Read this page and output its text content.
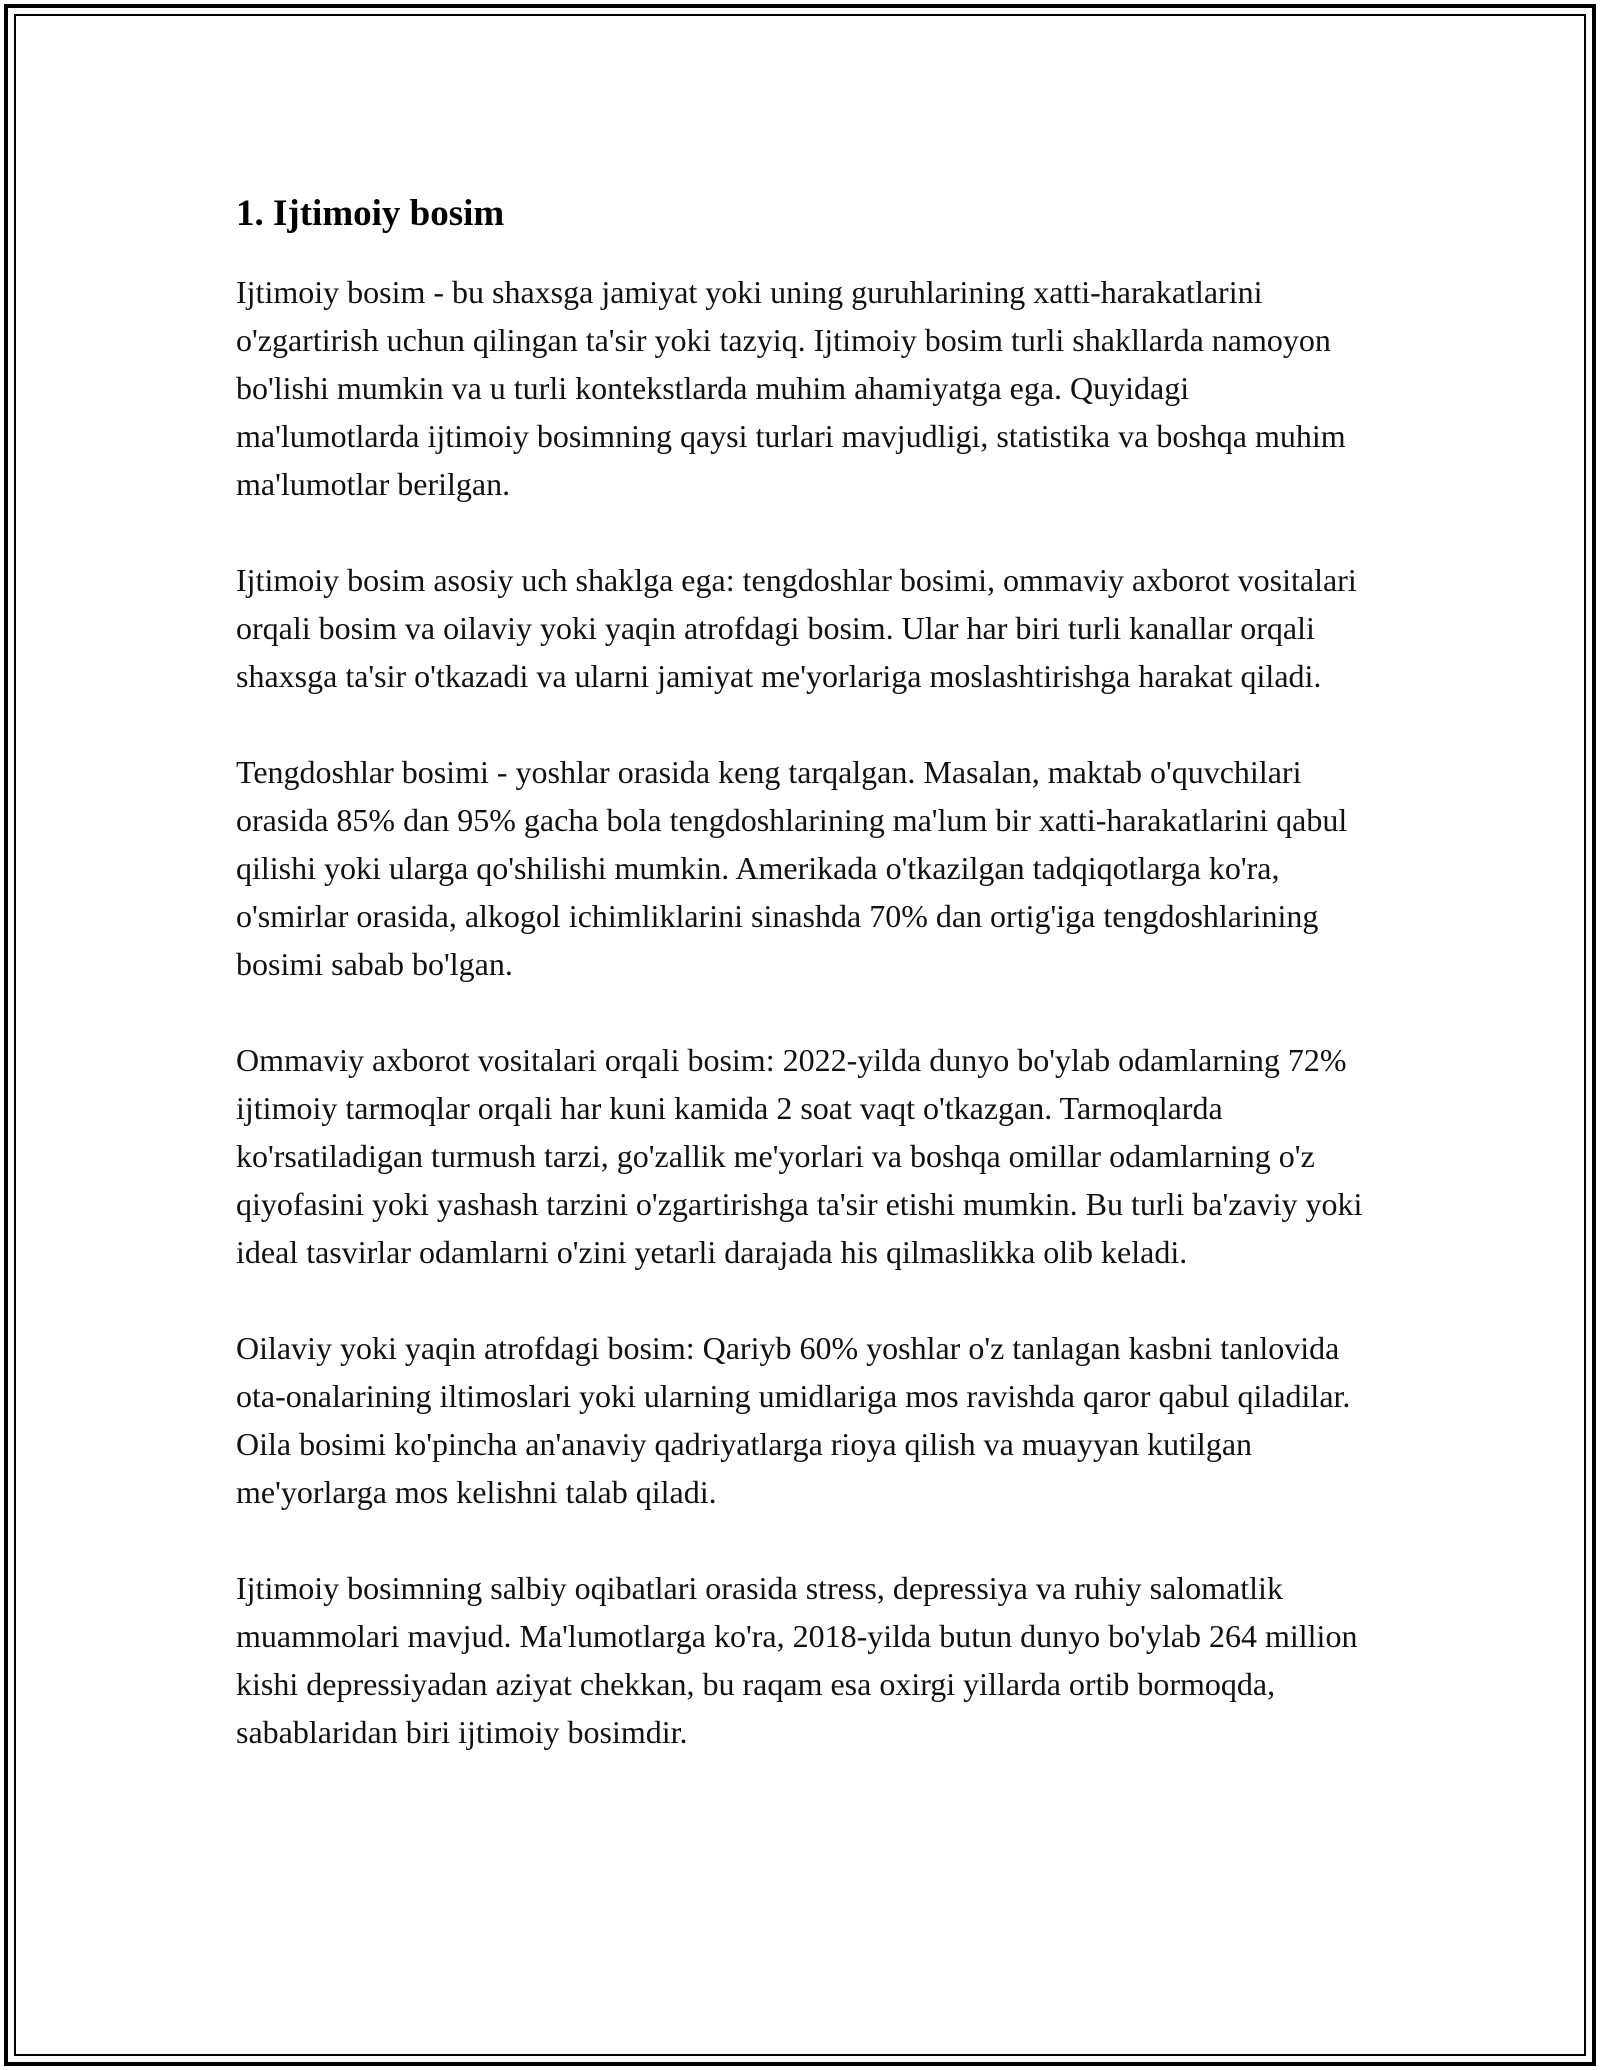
1. Ijtimoiy bosim

Ijtimoiy bosim - bu shaxsga jamiyat yoki uning guruhlarining xatti-harakatlarini o'zgartirish uchun qilingan ta'sir yoki tazyiq. Ijtimoiy bosim turli shakllarda namoyon bo'lishi mumkin va u turli kontekstlarda muhim ahamiyatga ega. Quyidagi ma'lumotlarda ijtimoiy bosimning qaysi turlari mavjudligi, statistika va boshqa muhim ma'lumotlar berilgan.

Ijtimoiy bosim asosiy uch shaklga ega: tengdoshlar bosimi, ommaviy axborot vositalari orqali bosim va oilaviy yoki yaqin atrofdagi bosim. Ular har biri turli kanallar orqali shaxsga ta'sir o'tkazadi va ularni jamiyat me'yorlariga moslashtirishga harakat qiladi.

Tengdoshlar bosimi - yoshlar orasida keng tarqalgan. Masalan, maktab o'quvchilari orasida 85% dan 95% gacha bola tengdoshlarining ma'lum bir xatti-harakatlarini qabul qilishi yoki ularga qo'shilishi mumkin. Amerikada o'tkazilgan tadqiqotlarga ko'ra, o'smirlar orasida, alkogol ichimliklarini sinashda 70% dan ortig'iga tengdoshlarining bosimi sabab bo'lgan.

Ommaviy axborot vositalari orqali bosim: 2022-yilda dunyo bo'ylab odamlarning 72% ijtimoiy tarmoqlar orqali har kuni kamida 2 soat vaqt o'tkazgan. Tarmoqlarda ko'rsatiladigan turmush tarzi, go'zallik me'yorlari va boshqa omillar odamlarning o'z qiyofasini yoki yashash tarzini o'zgartirishga ta'sir etishi mumkin. Bu turli ba'zaviy yoki ideal tasvirlar odamlarni o'zini yetarli darajada his qilmaslikka olib keladi.

Oilaviy yoki yaqin atrofdagi bosim: Qariyb 60% yoshlar o'z tanlagan kasbni tanlovida ota-onalarining iltimoslari yoki ularning umidlariga mos ravishda qaror qabul qiladilar. Oila bosimi ko'pincha an'anaviy qadriyatlarga rioya qilish va muayyan kutilgan me'yorlarga mos kelishni talab qiladi.

Ijtimoiy bosimning salbiy oqibatlari orasida stress, depressiya va ruhiy salomatlik muammolari mavjud. Ma'lumotlarga ko'ra, 2018-yilda butun dunyo bo'ylab 264 million kishi depressiyadan aziyat chekkan, bu raqam esa oxirgi yillarda ortib bormoqda, sabablaridan biri ijtimoiy bosimdir.
